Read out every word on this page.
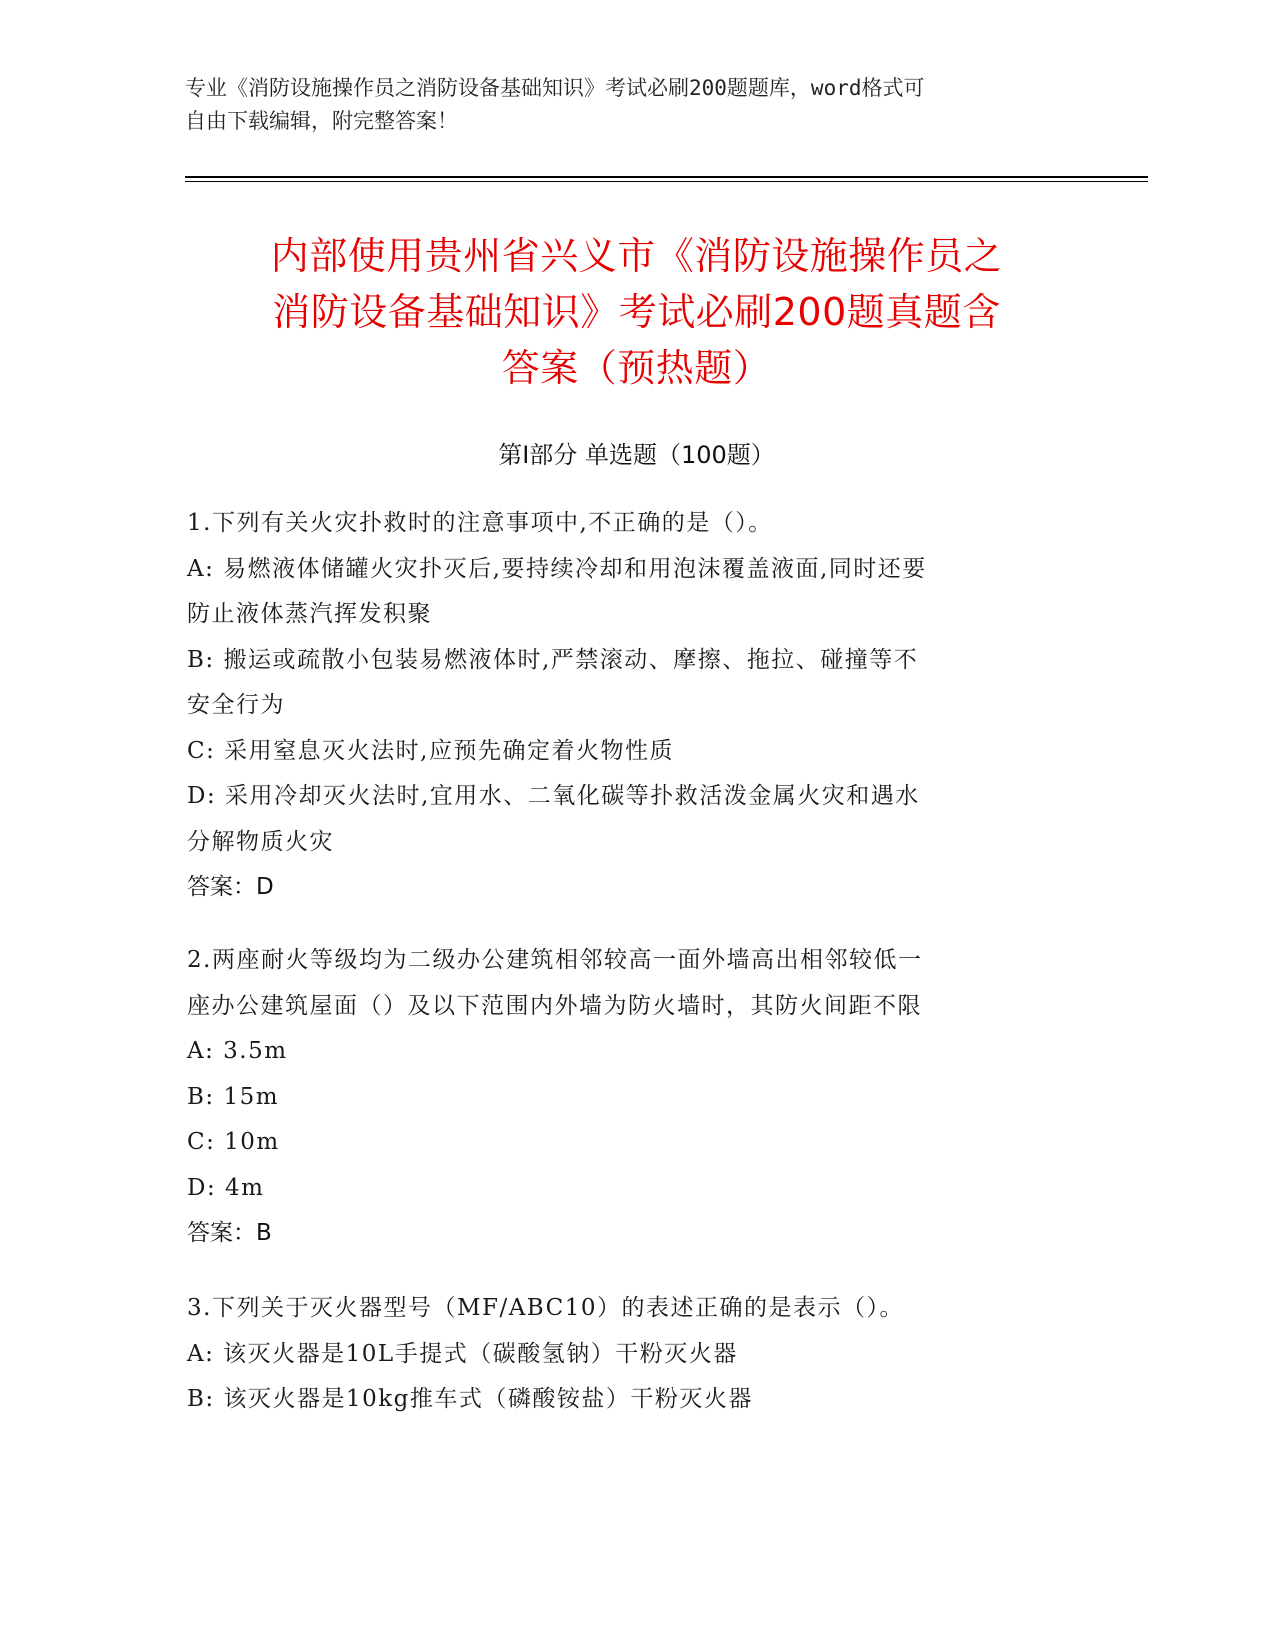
专业《消防设施操作员之消防设备基础知识》考试必刷200题题库，word格式可
自由下载编辑，附完整答案！
内部使用贵州省兴义市《消防设施操作员之
消防设备基础知识》考试必刷200题真题含
答案（预热题）
第Ⅰ部分 单选题（100题）
1.下列有关火灾扑救时的注意事项中,不正确的是（）。
A: 易燃液体储罐火灾扑灭后,要持续冷却和用泡沫覆盖液面,同时还要
防止液体蒸汽挥发积聚
B: 搬运或疏散小包装易燃液体时,严禁滚动、摩擦、拖拉、碰撞等不
安全行为
C: 采用窒息灭火法时,应预先确定着火物性质
D: 采用冷却灭火法时,宜用水、二氧化碳等扑救活泼金属火灾和遇水
分解物质火灾
答案：D
2.两座耐火等级均为二级办公建筑相邻较高一面外墙高出相邻较低一
座办公建筑屋面（）及以下范围内外墙为防火墙时，其防火间距不限
A: 3.5m
B: 15m
C: 10m
D: 4m
答案：B
3.下列关于灭火器型号（MF/ABC10）的表述正确的是表示（）。
A: 该灭火器是10L手提式（碳酸氢钠）干粉灭火器
B: 该灭火器是10kg推车式（磷酸铵盐）干粉灭火器
